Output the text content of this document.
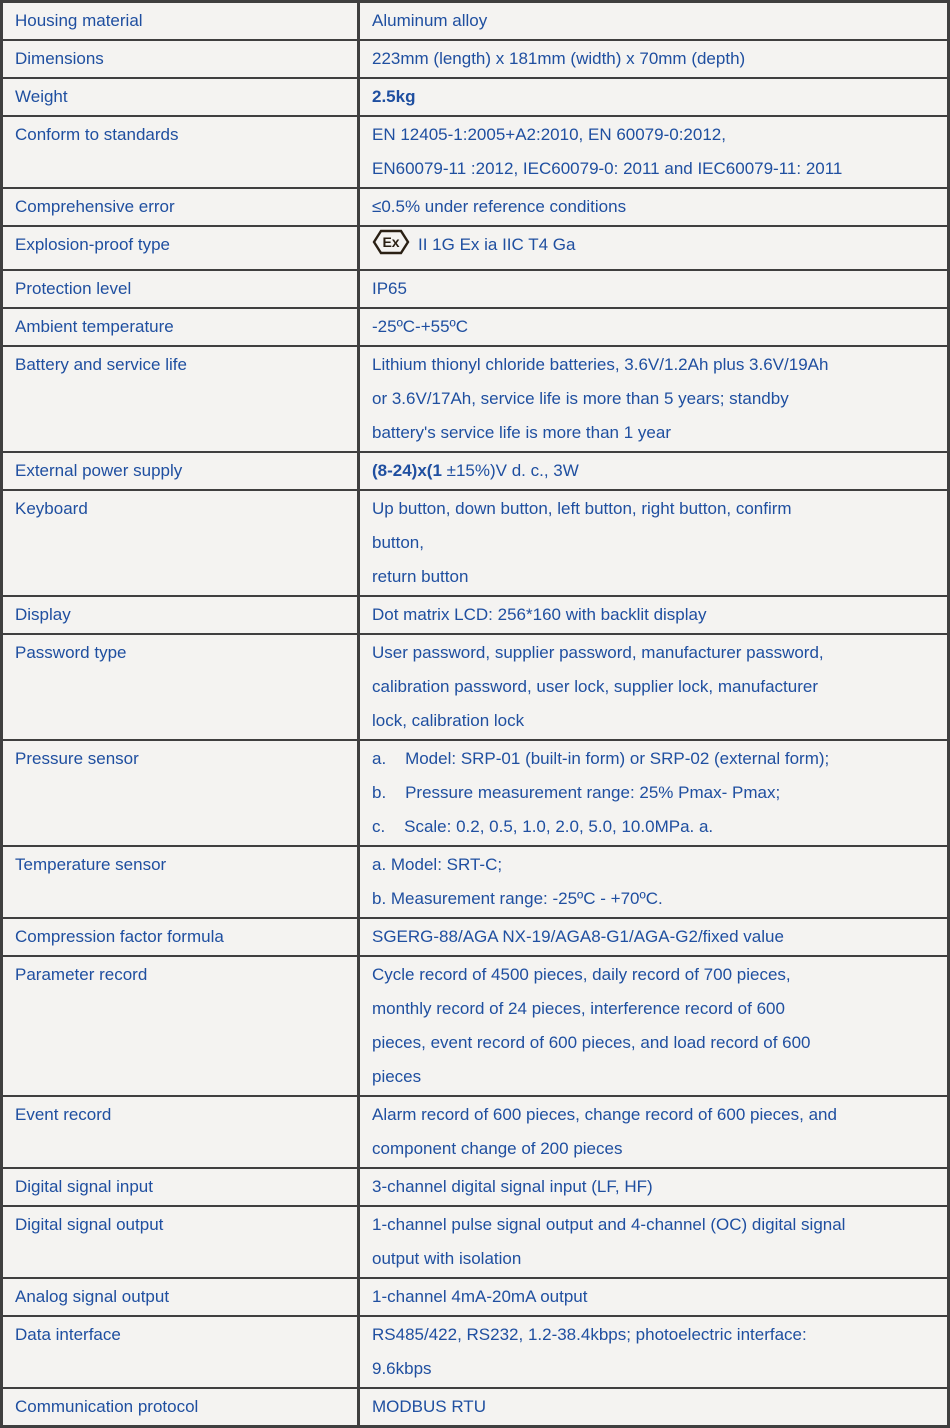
Housing material	Aluminum alloy
Dimensions	223mm (length) x 181mm (width) x 70mm (depth)
Weight	2.5kg
Conform to standards	EN 12405-1:2005+A2:2010, EN 60079-0:2012,
EN60079-11 :2012, IEC60079-0: 2011 and IEC60079-11: 2011
Comprehensive error	≤0.5% under reference conditions
Explosion-proof type	Ex II 1G Ex ia IIC T4 Ga
Protection level	IP65
Ambient temperature	-25ºC-+55ºC
Battery and service life	Lithium thionyl chloride batteries, 3.6V/1.2Ah plus 3.6V/19Ah
or 3.6V/17Ah, service life is more than 5 years; standby
battery's service life is more than 1 year
External power supply	(8-24)x(1 ±15%)V d. c., 3W
Keyboard	Up button, down button, left button, right button, confirm
button,
return button
Display	Dot matrix LCD: 256*160 with backlit display
Password type	User password, supplier password, manufacturer password,
calibration password, user lock, supplier lock, manufacturer
lock, calibration lock
Pressure sensor	a.    Model: SRP-01 (built-in form) or SRP-02 (external form);
b.    Pressure measurement range: 25% Pmax- Pmax;
c.    Scale: 0.2, 0.5, 1.0, 2.0, 5.0, 10.0MPa. a.
Temperature sensor	a. Model: SRT-C;
b. Measurement range: -25ºC - +70ºC.
Compression factor formula	SGERG-88/AGA NX-19/AGA8-G1/AGA-G2/fixed value
Parameter record	Cycle record of 4500 pieces, daily record of 700 pieces,
monthly record of 24 pieces, interference record of 600
pieces, event record of 600 pieces, and load record of 600
pieces
Event record	Alarm record of 600 pieces, change record of 600 pieces, and
component change of 200 pieces
Digital signal input	3-channel digital signal input (LF, HF)
Digital signal output	1-channel pulse signal output and 4-channel (OC) digital signal
output with isolation
Analog signal output	1-channel 4mA-20mA output
Data interface	RS485/422, RS232, 1.2-38.4kbps; photoelectric interface:
9.6kbps
Communication protocol	MODBUS RTU
